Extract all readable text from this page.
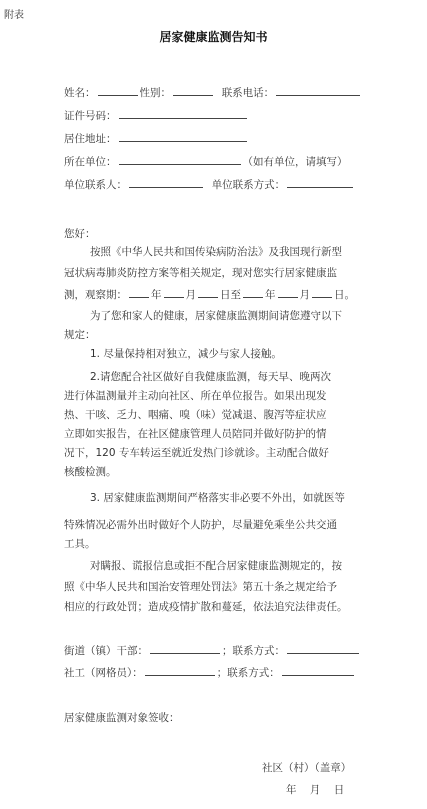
附表
居家健康监测告知书
姓名：	性别：	联系电话：
证件号码：
居住地址：
所在单位：	（如有单位，请填写）
单位联系人：	单位联系方式：
您好：
按照《中华人民共和国传染病防治法》及我国现行新型
冠状病毒肺炎防控方案等相关规定，现对您实行居家健康监
测，观察期： 年 月 日至 年 月 日。
为了您和家人的健康，居家健康监测期间请您遵守以下
规定：
1. 尽量保持相对独立，减少与家人接触。
2.请您配合社区做好自我健康监测，每天早、晚两次
进行体温测量并主动向社区、所在单位报告。如果出现发
热、干咳、乏力、咽痛、嗅（味）觉减退、腹泻等症状应
立即如实报告，在社区健康管理人员陪同并做好防护的情
况下，120 专车转运至就近发热门诊就诊。主动配合做好
核酸检测。
3. 居家健康监测期间严格落实非必要不外出，如就医等
特殊情况必需外出时做好个人防护，尽量避免乘坐公共交通
工具。
对瞒报、谎报信息或拒不配合居家健康监测规定的，按
照《中华人民共和国治安管理处罚法》第五十条之规定给予
相应的行政处罚；造成疫情扩散和蔓延，依法追究法律责任。
街道（镇）干部：	；联系方式：
社工（网格员）：	；联系方式：
居家健康监测对象签收：
社区（村）（盖章）
年    月    日
